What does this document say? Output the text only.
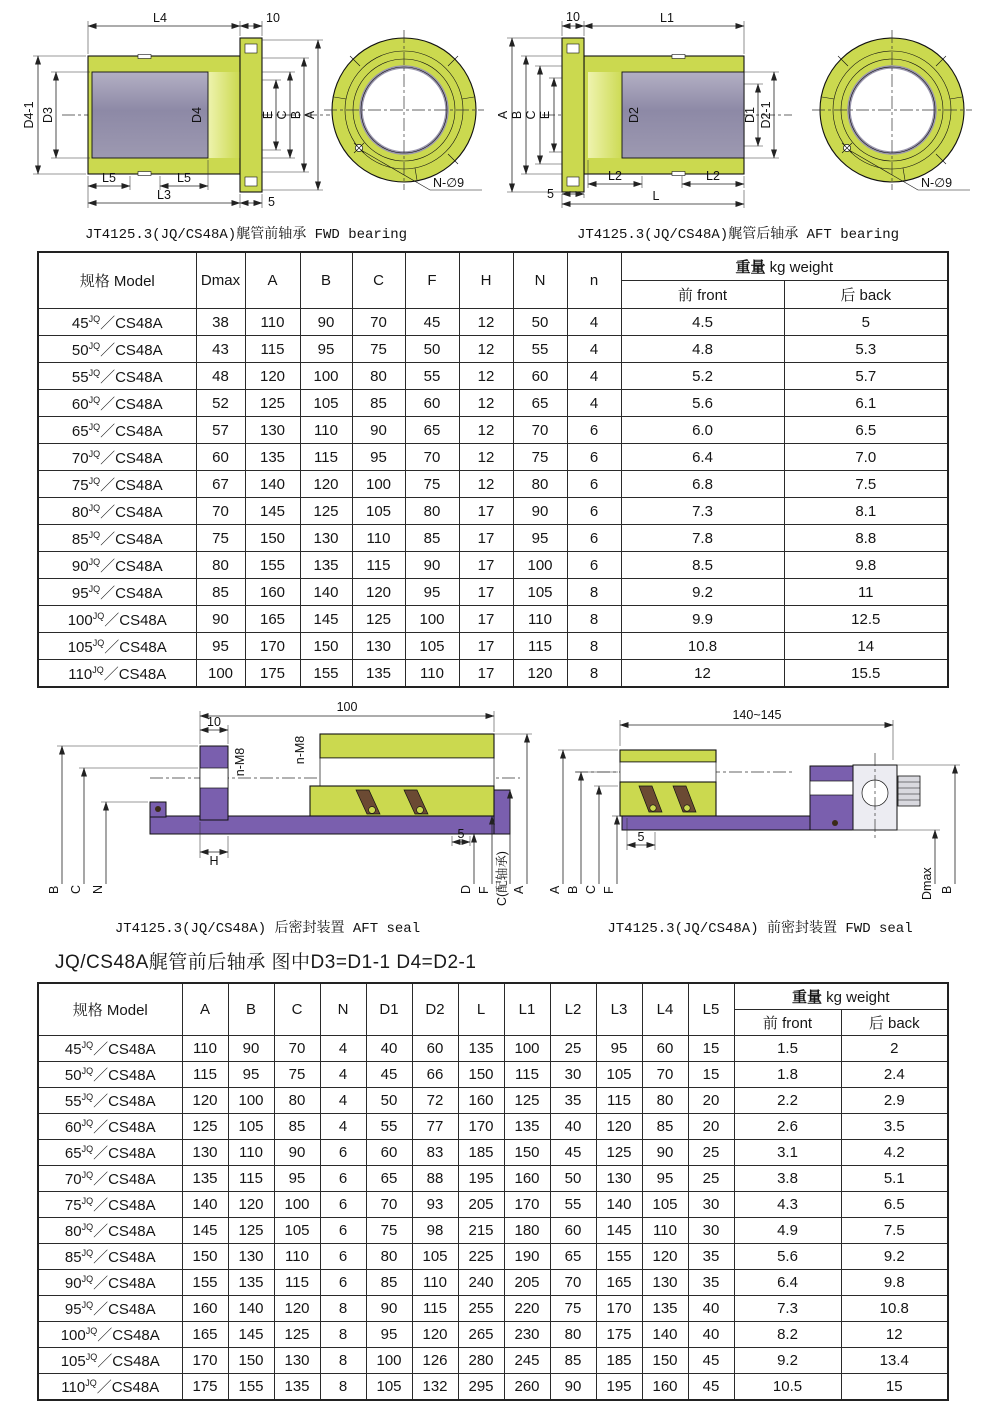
D4
L4	10
D4-1 D3	E C B A
L5	L5
L3	5
N-∅9
JT4125.3(JQ/CS48A)艉管前轴承 FWD bearing
D2
10	L1
A B C E	D1 D2-1
L2	L2
5	L
N-∅9
JT4125.3(JQ/CS48A)艉管后轴承 AFT bearing
规格 Model	Dmax	A	B	C	F	H	N	n	重量 kg weight	
									前 front	后 back
$45^{JQ}/CS48A$	38	110	90	70	45	12	50	4	4.5	5
$50^{JQ}/CS48A$	43	115	95	75	50	12	55	4	4.8	5.3
$55^{JQ}/CS48A$	48	120	100	80	55	12	60	4	5.2	5.7
$60^{JQ}/CS48A$	52	125	105	85	60	12	65	4	5.6	6.1
$65^{JQ}/CS48A$	57	130	110	90	65	12	70	6	6.0	6.5
$70^{JQ}/CS48A$	60	135	115	95	70	12	75	6	6.4	7.0
$75^{JQ}/CS48A$	67	140	120	100	75	12	80	6	6.8	7.5
$80^{JQ}/CS48A$	70	145	125	105	80	17	90	6	7.3	8.1
$85^{JQ}/CS48A$	75	150	130	110	85	17	95	6	7.8	8.8
$90^{JQ}/CS48A$	80	155	135	115	90	17	100	6	8.5	9.8
$95^{JQ}/CS48A$	85	160	140	120	95	17	105	8	9.2	11
$100^{JQ}/CS48A$	90	165	145	125	100	17	110	8	9.9	12.5
$105^{JQ}/CS48A$	95	170	150	130	105	17	115	8	10.8	14
$110^{JQ}/CS48A$	100	175	155	135	110	17	120	8	12	15.5
100
10
n-M8	n-M8
B C N
H
5
D F C(配轴承) A
JT4125.3(JQ/CS48A) 后密封装置 AFT seal
140~145
A B C F
5
Dmax B
JT4125.3(JQ/CS48A) 前密封装置 FWD seal
JQ/CS48A艉管前后轴承 图中D3=D1-1 D4=D2-1
规格 Model	A	B	C	N	D1	D2	L	L1	L2	L3	L4	L5	重量 kg weight	
													前 front	后 back
$45^{JQ}/CS48A$	110	90	70	4	40	60	135	100	25	95	60	15	1.5	2
$50^{JQ}/CS48A$	115	95	75	4	45	66	150	115	30	105	70	15	1.8	2.4
$55^{JQ}/CS48A$	120	100	80	4	50	72	160	125	35	115	80	20	2.2	2.9
$60^{JQ}/CS48A$	125	105	85	4	55	77	170	135	40	120	85	20	2.6	3.5
$65^{JQ}/CS48A$	130	110	90	6	60	83	185	150	45	125	90	25	3.1	4.2
$70^{JQ}/CS48A$	135	115	95	6	65	88	195	160	50	130	95	25	3.8	5.1
$75^{JQ}/CS48A$	140	120	100	6	70	93	205	170	55	140	105	30	4.3	6.5
$80^{JQ}/CS48A$	145	125	105	6	75	98	215	180	60	145	110	30	4.9	7.5
$85^{JQ}/CS48A$	150	130	110	6	80	105	225	190	65	155	120	35	5.6	9.2
$90^{JQ}/CS48A$	155	135	115	6	85	110	240	205	70	165	130	35	6.4	9.8
$95^{JQ}/CS48A$	160	140	120	8	90	115	255	220	75	170	135	40	7.3	10.8
$100^{JQ}/CS48A$	165	145	125	8	95	120	265	230	80	175	140	40	8.2	12
$105^{JQ}/CS48A$	170	150	130	8	100	126	280	245	85	185	150	45	9.2	13.4
$110^{JQ}/CS48A$	175	155	135	8	105	132	295	260	90	195	160	45	10.5	15
